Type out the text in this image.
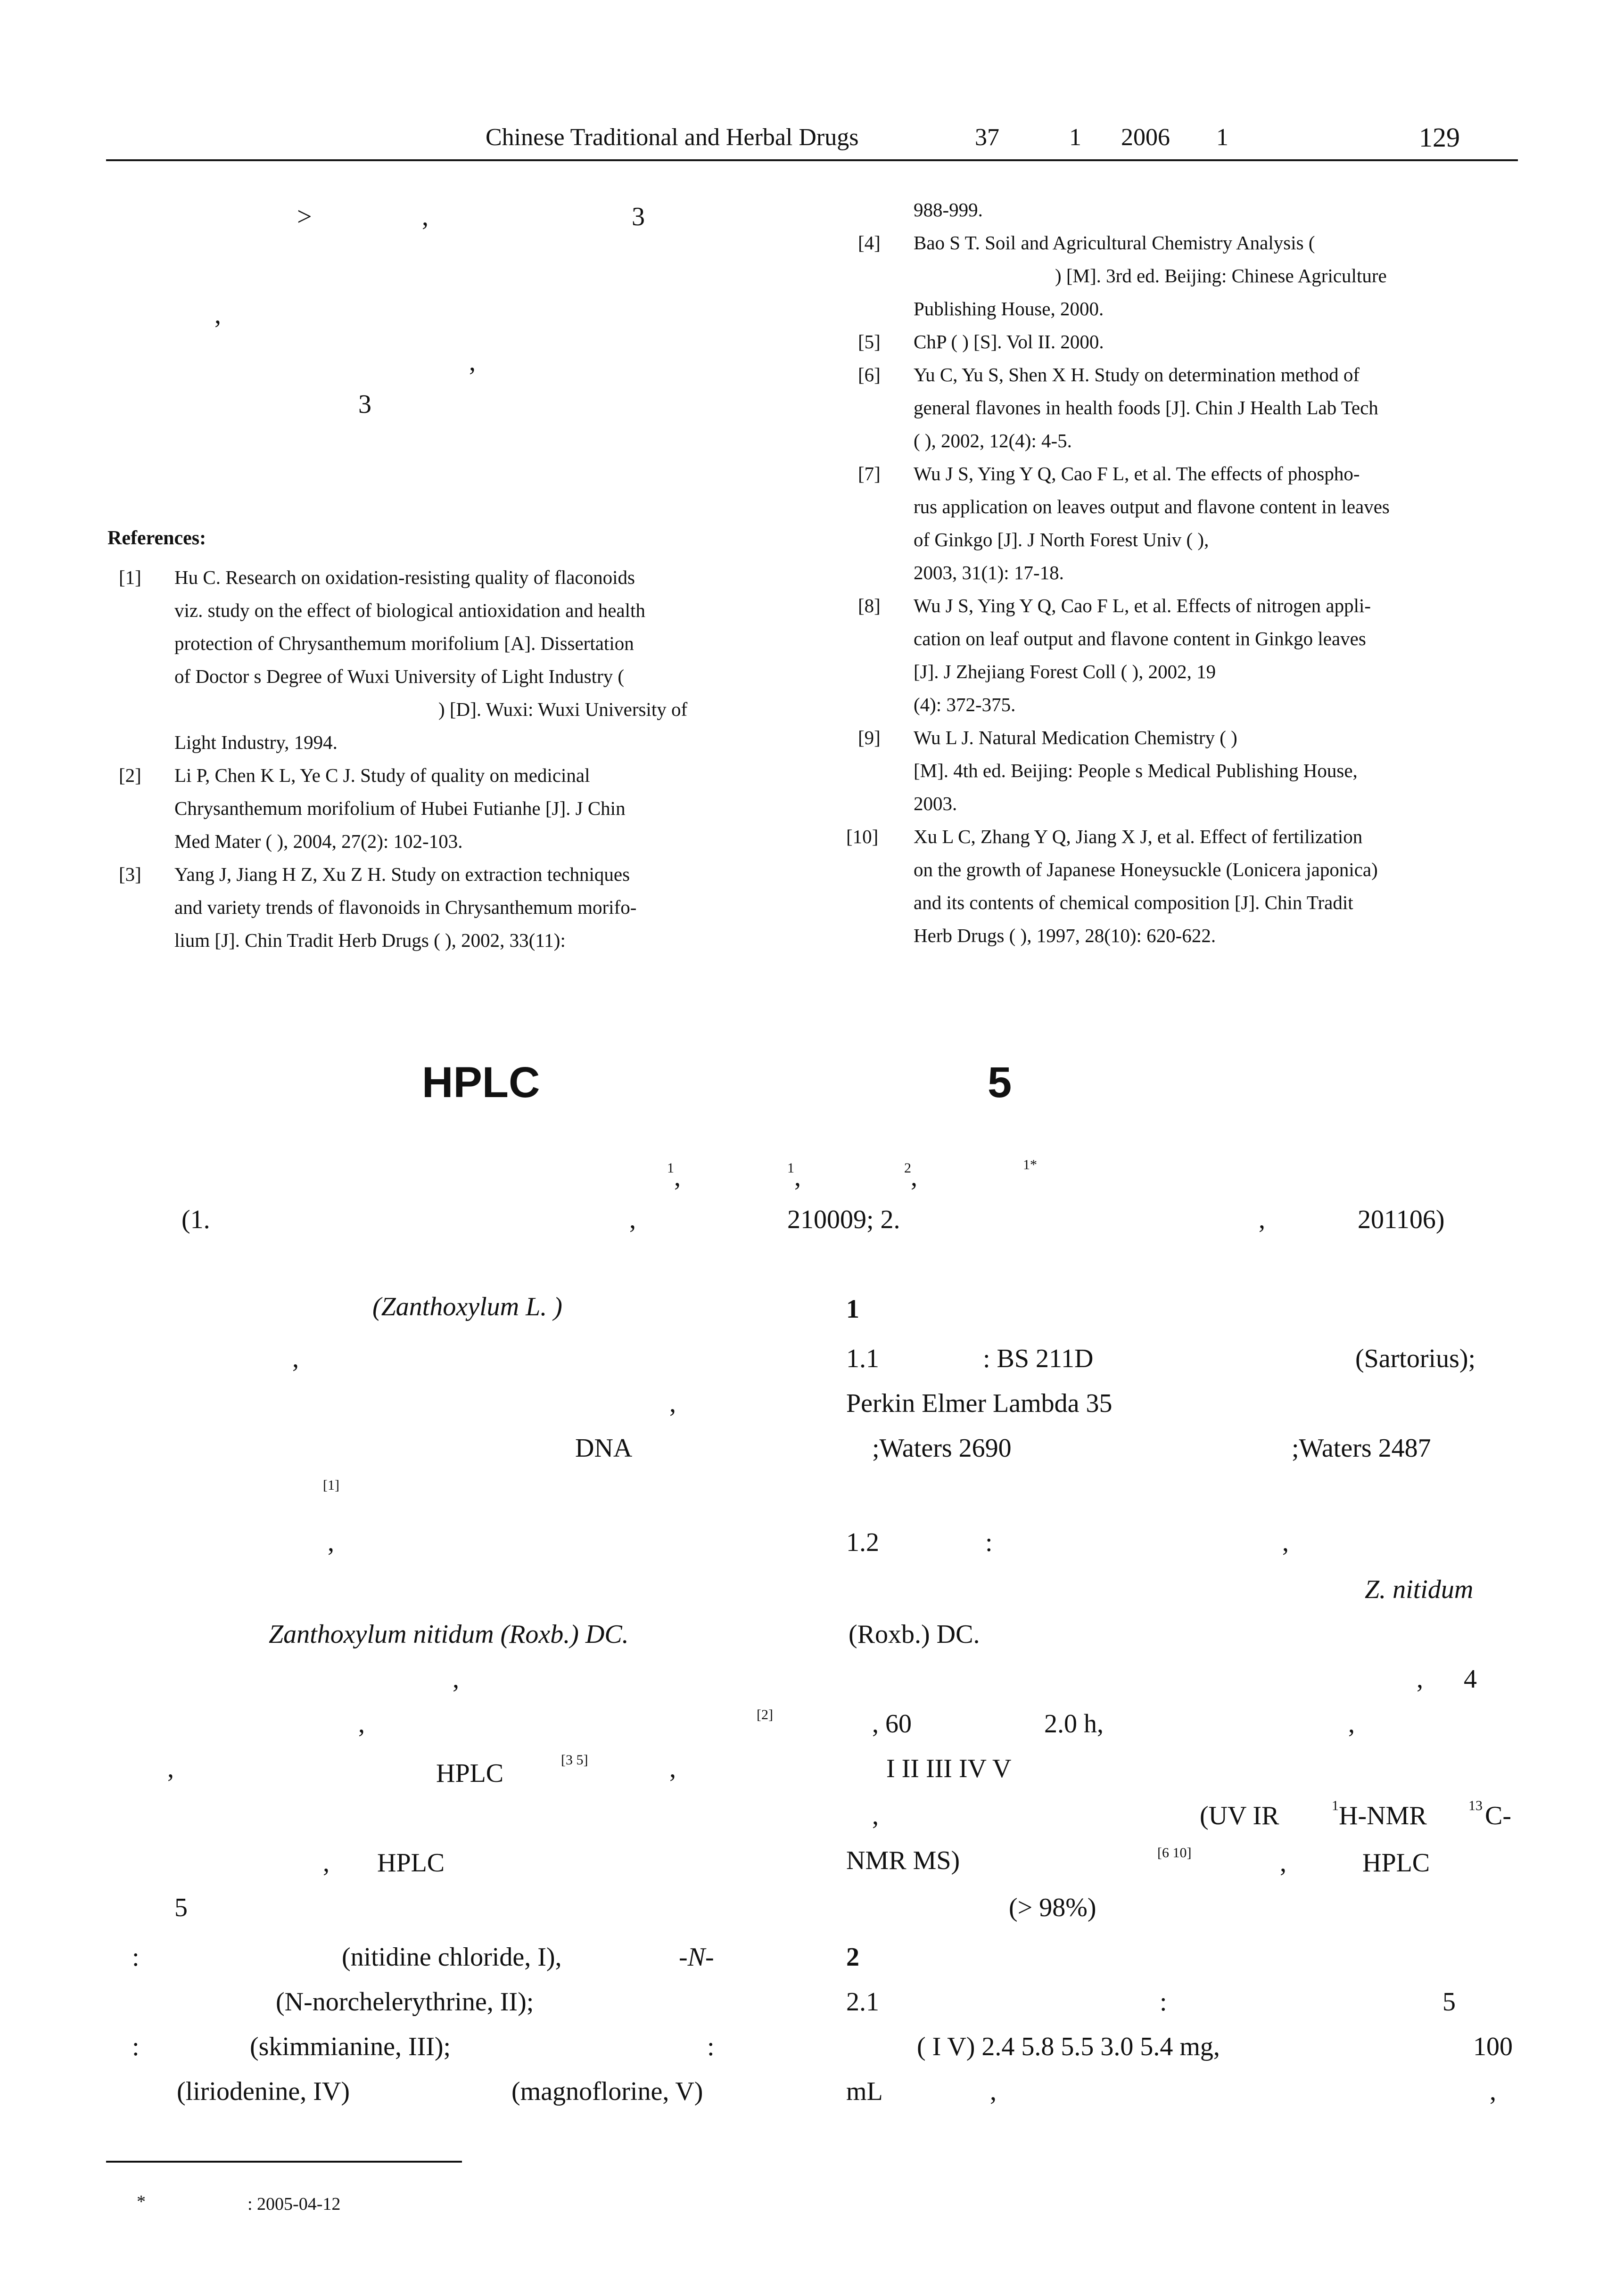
Chinese Traditional and Herbal Drugs	37	1 2006 1	129
>	,	3
,
,
3
References:
[1] Hu C. Research on oxidation-resisting quality of flaconoids
viz. study on the effect of biological antioxidation and health
protection of Chrysanthemum morifolium [A]. Dissertation
of Doctor s Degree of Wuxi University of Light Industry (
) [D]. Wuxi: Wuxi University of
Light Industry, 1994.
[2] Li P, Chen K L, Ye C J. Study of quality on medicinal
Chrysanthemum morifolium of Hubei Futianhe [J]. J Chin
Med Mater ( ), 2004, 27(2): 102-103.
[3] Yang J, Jiang H Z, Xu Z H. Study on extraction techniques
and variety trends of flavonoids in Chrysanthemum morifo-
lium [J]. Chin Tradit Herb Drugs ( ), 2002, 33(11):
988-999.
[4] Bao S T. Soil and Agricultural Chemistry Analysis (
) [M]. 3rd ed. Beijing: Chinese Agriculture
Publishing House, 2000.
[5] ChP ( ) [S]. Vol II. 2000.
[6] Yu C, Yu S, Shen X H. Study on determination method of
general flavones in health foods [J]. Chin J Health Lab Tech
( ), 2002, 12(4): 4-5.
[7] Wu J S, Ying Y Q, Cao F L, et al. The effects of phospho-
rus application on leaves output and flavone content in leaves
of Ginkgo [J]. J North Forest Univ ( ),
2003, 31(1): 17-18.
[8] Wu J S, Ying Y Q, Cao F L, et al. Effects of nitrogen appli-
cation on leaf output and flavone content in Ginkgo leaves
[J]. J Zhejiang Forest Coll ( ), 2002, 19
(4): 372-375.
[9] Wu L J. Natural Medication Chemistry ( )
[M]. 4th ed. Beijing: People s Medical Publishing House,
2003.
[10] Xu L C, Zhang Y Q, Jiang X J, et al. Effect of fertilization
on the growth of Japanese Honeysuckle (Lonicera japonica)
and its contents of chemical composition [J]. Chin Tradit
Herb Drugs ( ), 1997, 28(10): 620-622.
HPLC	5
1 ,	1 ,	2 ,	1*
(1.	,	210009; 2.	,	201106)
(Zanthoxylum L. )
,
,
DNA
[1]
,
Zanthoxylum nitidum (Roxb.) DC.
,
,	[2]
,	HPLC	[3 5]	,
, HPLC
5
:	(nitidine chloride, I),	-N-
(N-norchelerythrine, II);
:	(skimmianine, III);	:
(liriodenine, IV)	(magnoflorine, V)
1
1.1	: BS 211D	(Sartorius);
Perkin Elmer Lambda 35
;Waters 2690	;Waters 2487
1.2	:	,
Z. nitidum
(Roxb.) DC.
, 4
, 60	2.0 h,	,
I II III IV V
,	(UV IR	1 H-NMR	13 C-
NMR MS)	[6 10]	,	HPLC
(> 98%)
2
2.1	:	5
( I V) 2.4 5.8 5.5 3.0 5.4 mg,	100
mL	,	,
*	: 2005-04-12
